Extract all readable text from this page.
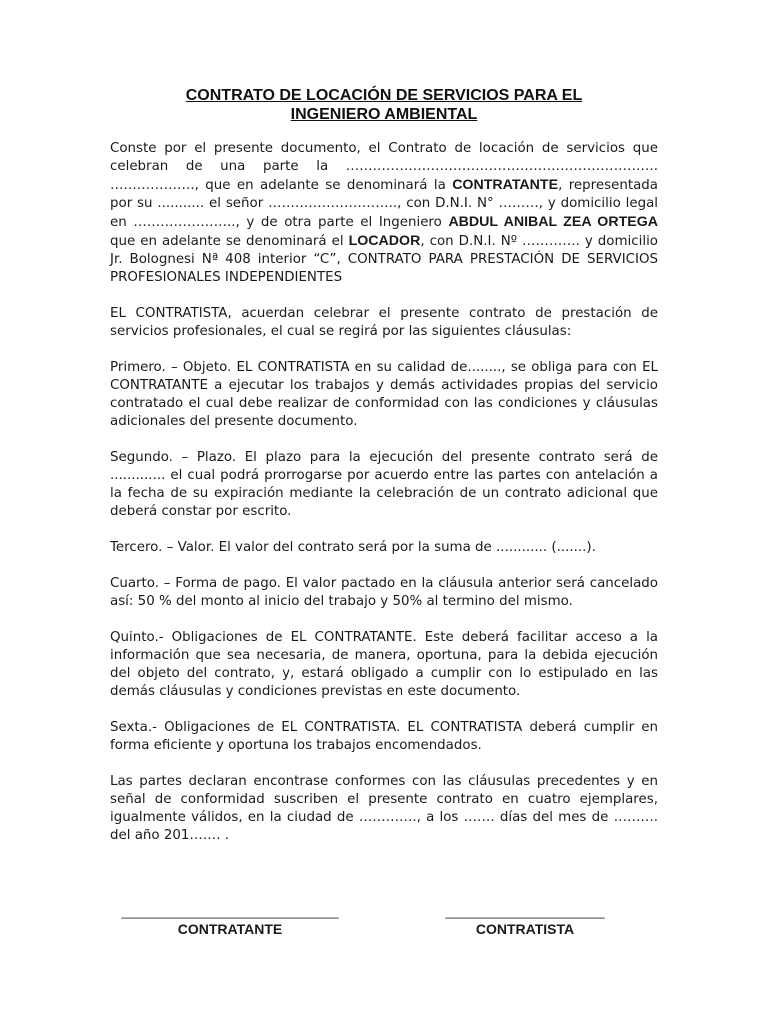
CONTRATO DE LOCACIÓN DE SERVICIOS PARA EL
INGENIERO AMBIENTAL

Conste por el presente documento, el Contrato de locación de servicios que celebran de una parte la ……………………………………………………………. ………………., que en adelante se denominará la CONTRATANTE, representada por su ........... el señor ……………………….., con D.N.I. N° ………, y domicilio legal en ………………….., y de otra parte el Ingeniero ABDUL ANIBAL ZEA ORTEGA que en adelante se denominará el LOCADOR, con D.N.I. Nº …………. y domicilio Jr. Bolognesi Nª 408 interior “C”, CONTRATO PARA PRESTACIÓN DE SERVICIOS PROFESIONALES INDEPENDIENTES

EL CONTRATISTA, acuerdan celebrar el presente contrato de prestación de servicios profesionales, el cual se regirá por las siguientes cláusulas:

Primero. – Objeto. EL CONTRATISTA en su calidad de........, se obliga para con EL CONTRATANTE a ejecutar los trabajos y demás actividades propias del servicio contratado el cual debe realizar de conformidad con las condiciones y cláusulas adicionales del presente documento.

Segundo. – Plazo. El plazo para la ejecución del presente contrato será de ............. el cual podrá prorrogarse por acuerdo entre las partes con antelación a la fecha de su expiración mediante la celebración de un contrato adicional que deberá constar por escrito.

Tercero. – Valor. El valor del contrato será por la suma de ............ (.......).

Cuarto. – Forma de pago. El valor pactado en la cláusula anterior será cancelado así: 50 % del monto al inicio del trabajo y 50% al termino del mismo.

Quinto.- Obligaciones de EL CONTRATANTE. Este deberá facilitar acceso a la información que sea necesaria, de manera, oportuna, para la debida ejecución del objeto del contrato, y, estará obligado a cumplir con lo estipulado en las demás cláusulas y condiciones previstas en este documento.

Sexta.- Obligaciones de EL CONTRATISTA. EL CONTRATISTA deberá cumplir en forma eficiente y oportuna los trabajos encomendados.

Las partes declaran encontrase conformes con las cláusulas precedentes y en señal de conformidad suscriben el presente contrato en cuatro ejemplares, igualmente válidos, en la ciudad de …………., a los ……. días del mes de ………. del año 201……. .

______________________________
CONTRATANTE
______________________
CONTRATISTA
